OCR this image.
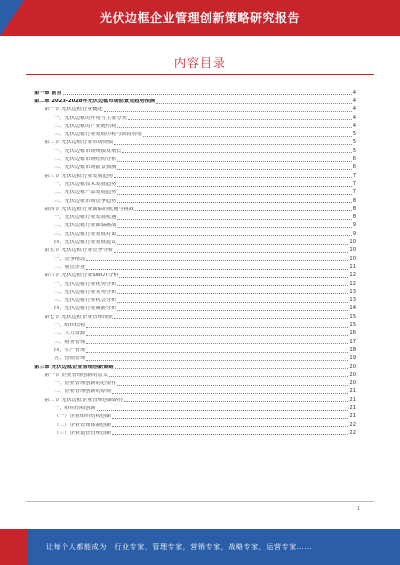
光伏边框企业管理创新策略研究报告
内容目录
第一章 前言	4
第二章 2023-2028年光伏边框市场前景及趋势预测	4
第一节 光伏边框行业概述	4
一、光伏边框的作用与主要分类	4
二、光伏边框的产业链结构	4
三、光伏边框行业发展历程与阶段特征	5
第二节 光伏边框行业市场规模	5
一、光伏边框市场规模及增长	5
二、光伏边框市场结构分析	6
三、光伏边框市场前景预测	6
第三节 光伏边框行业发展趋势	7
一、光伏边框技术发展趋势	7
二、光伏边框产品发展趋势	7
三、光伏边框市场竞争趋势	8
第四节 光伏边框行业面临的机遇与挑战	8
一、光伏边框行业发展机遇	8
二、光伏边框行业面临挑战	9
三、光伏边框行业发展对策	9
四、光伏边框行业发展建议	10
第五节 光伏边框行业竞争分析	10
一、竞争格局	10
二、重点企业	11
第六节 光伏边框行业SWOT分析	12
一、光伏边框行业优势分析	12
二、光伏边框行业劣势分析	13
三、光伏边框行业机会分析	13
四、光伏边框行业威胁分析	14
第七节 光伏边框企业管理现状	15
一、组织结构	15
二、人力资源	16
三、财务管理	17
四、生产管理	18
五、营销管理	19
第三章 光伏边框企业管理创新策略	20
第一节 企业管理创新的意义	20
一、企业管理创新的必要性	20
二、企业管理创新的原则	21
第二节 光伏边框企业管理创新路径	21
一、组织结构创新	21
（一）企业组织结构创新	21
（二）企业管理体制创新	22
（三）企业运营管理创新	22
1
让每个人都能成为　行业专家，管理专家，营销专家，战略专家，运营专家……
